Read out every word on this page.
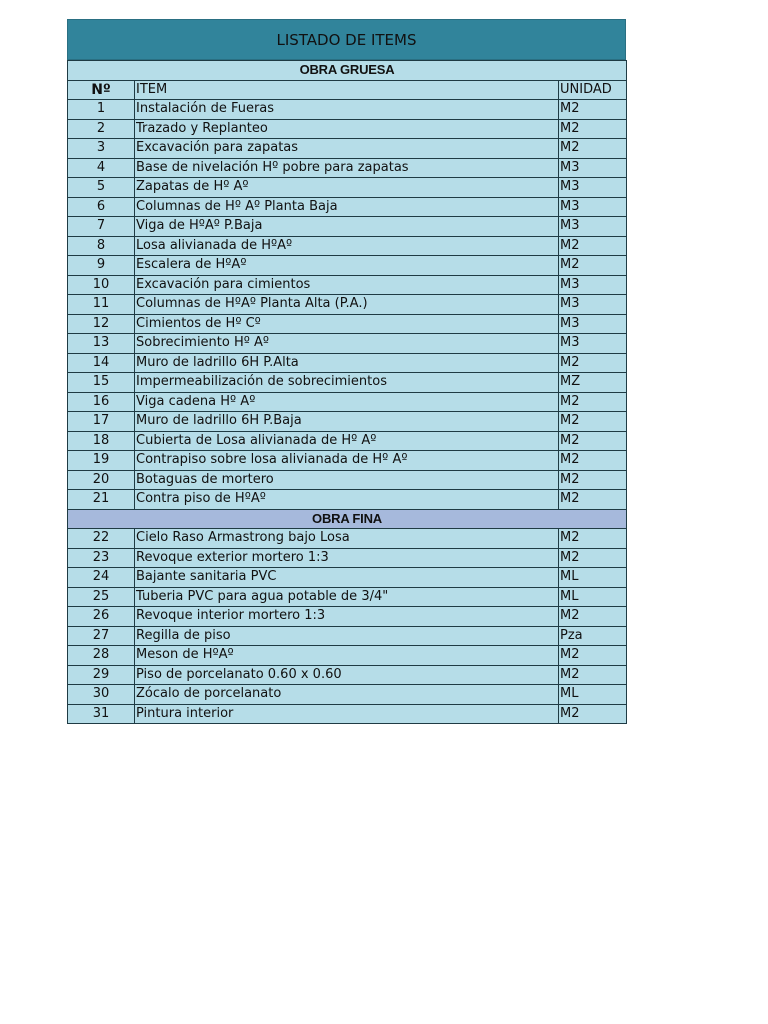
LISTADO DE ITEMS
OBRA GRUESA		
Nº	ITEM	UNIDAD
1	Instalación de Fueras	M2
2	Trazado y Replanteo	M2
3	Excavación para zapatas	M2
4	Base de nivelación Hº pobre para zapatas	M3
5	Zapatas de Hº Aº	M3
6	Columnas de Hº Aº Planta Baja	M3
7	Viga de HºAº P.Baja	M3
8	Losa alivianada de HºAº	M2
9	Escalera de HºAº	M2
10	Excavación para cimientos	M3
11	Columnas de HºAº Planta Alta (P.A.)	M3
12	Cimientos de Hº Cº	M3
13	Sobrecimiento Hº Aº	M3
14	Muro de ladrillo 6H P.Alta	M2
15	Impermeabilización de sobrecimientos	MZ
16	Viga cadena Hº Aº	M2
17	Muro de ladrillo 6H P.Baja	M2
18	Cubierta de Losa alivianada de Hº Aº	M2
19	Contrapiso sobre losa alivianada de Hº Aº	M2
20	Botaguas de mortero	M2
21	Contra piso de HºAº	M2
OBRA FINA		
22	Cielo Raso Armastrong bajo Losa	M2
23	Revoque exterior mortero 1:3	M2
24	Bajante sanitaria PVC	ML
25	Tuberia PVC para agua potable de 3/4"	ML
26	Revoque interior mortero 1:3	M2
27	Regilla de piso	Pza
28	Meson de HºAº	M2
29	Piso de porcelanato 0.60 x 0.60	M2
30	Zócalo de porcelanato	ML
31	Pintura interior	M2
